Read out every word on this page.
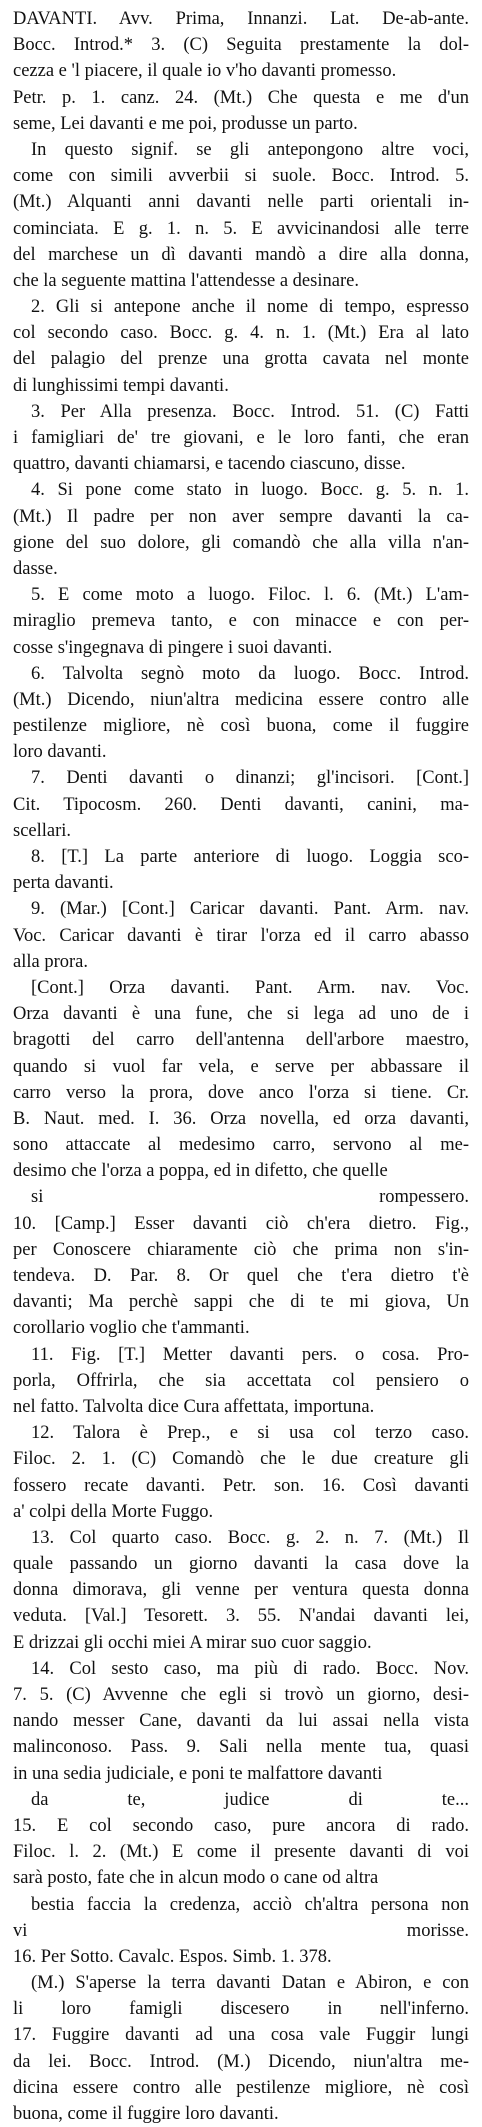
DAVANTI. Avv. Prima, Innanzi. Lat. De-ab-ante.
Bocc. Introd.* 3. (C) Seguita prestamente la dol-
cezza e 'l piacere, il quale io v'ho davanti promesso.
Petr. p. 1. canz. 24. (Mt.) Che questa e me d'un
seme, Lei davanti e me poi, produsse un parto.
In questo signif. se gli antepongono altre voci,
come con simili avverbii si suole. Bocc. Introd. 5.
(Mt.) Alquanti anni davanti nelle parti orientali in-
cominciata. E g. 1. n. 5. E avvicinandosi alle terre
del marchese un dì davanti mandò a dire alla donna,
che la seguente mattina l'attendesse a desinare.
2. Gli si antepone anche il nome di tempo, espresso
col secondo caso. Bocc. g. 4. n. 1. (Mt.) Era al lato
del palagio del prenze una grotta cavata nel monte
di lunghissimi tempi davanti.
3. Per Alla presenza. Bocc. Introd. 51. (C) Fatti
i famigliari de' tre giovani, e le loro fanti, che eran
quattro, davanti chiamarsi, e tacendo ciascuno, disse.
4. Si pone come stato in luogo. Bocc. g. 5. n. 1.
(Mt.) Il padre per non aver sempre davanti la ca-
gione del suo dolore, gli comandò che alla villa n'an-
dasse.
5. E come moto a luogo. Filoc. l. 6. (Mt.) L'am-
miraglio premeva tanto, e con minacce e con per-
cosse s'ingegnava di pingere i suoi davanti.
6. Talvolta segnò moto da luogo. Bocc. Introd.
(Mt.) Dicendo, niun'altra medicina essere contro alle
pestilenze migliore, nè così buona, come il fuggire
loro davanti.
7. Denti davanti o dinanzi; gl'incisori. [Cont.]
Cit. Tipocosm. 260. Denti davanti, canini, ma-
scellari.
8. [T.] La parte anteriore di luogo. Loggia sco-
perta davanti.
9. (Mar.) [Cont.] Caricar davanti. Pant. Arm. nav.
Voc. Caricar davanti è tirar l'orza ed il carro abasso
alla prora.
[Cont.] Orza davanti. Pant. Arm. nav. Voc.
Orza davanti è una fune, che si lega ad uno de i
bragotti del carro dell'antenna dell'arbore maestro,
quando si vuol far vela, e serve per abbassare il
carro verso la prora, dove anco l'orza si tiene. Cr.
B. Naut. med. I. 36. Orza novella, ed orza davanti,
sono attaccate al medesimo carro, servono al me-
desimo che l'orza a poppa, ed in difetto, che quelle
si rompessero.
10. [Camp.] Esser davanti ciò ch'era dietro. Fig.,
per Conoscere chiaramente ciò che prima non s'in-
tendeva. D. Par. 8. Or quel che t'era dietro t'è
davanti; Ma perchè sappi che di te mi giova, Un
corollario voglio che t'ammanti.
11. Fig. [T.] Metter davanti pers. o cosa. Pro-
porla, Offrirla, che sia accettata col pensiero o
nel fatto. Talvolta dice Cura affettata, importuna.
12. Talora è Prep., e si usa col terzo caso.
Filoc. 2. 1. (C) Comandò che le due creature gli
fossero recate davanti. Petr. son. 16. Così davanti
a' colpi della Morte Fuggo.
13. Col quarto caso. Bocc. g. 2. n. 7. (Mt.) Il
quale passando un giorno davanti la casa dove la
donna dimorava, gli venne per ventura questa donna
veduta. [Val.] Tesorett. 3. 55. N'andai davanti lei,
E drizzai gli occhi miei A mirar suo cuor saggio.
14. Col sesto caso, ma più di rado. Bocc. Nov.
7. 5. (C) Avvenne che egli si trovò un giorno, desi-
nando messer Cane, davanti da lui assai nella vista
malinconoso. Pass. 9. Sali nella mente tua, quasi
in una sedia judiciale, e poni te malfattore davanti
da te, judice di te...
15. E col secondo caso, pure ancora di rado.
Filoc. l. 2. (Mt.) E come il presente davanti di voi
sarà posto, fate che in alcun modo o cane od altra
bestia faccia la credenza, acciò ch'altra persona non
vi morisse.
16. Per Sotto. Cavalc. Espos. Simb. 1. 378.
(M.) S'aperse la terra davanti Datan e Abiron, e con
li loro famigli discesero in nell'inferno.
17. Fuggire davanti ad una cosa vale Fuggir lungi
da lei. Bocc. Introd. (M.) Dicendo, niun'altra me-
dicina essere contro alle pestilenze migliore, nè così
buona, come il fuggire loro davanti.
